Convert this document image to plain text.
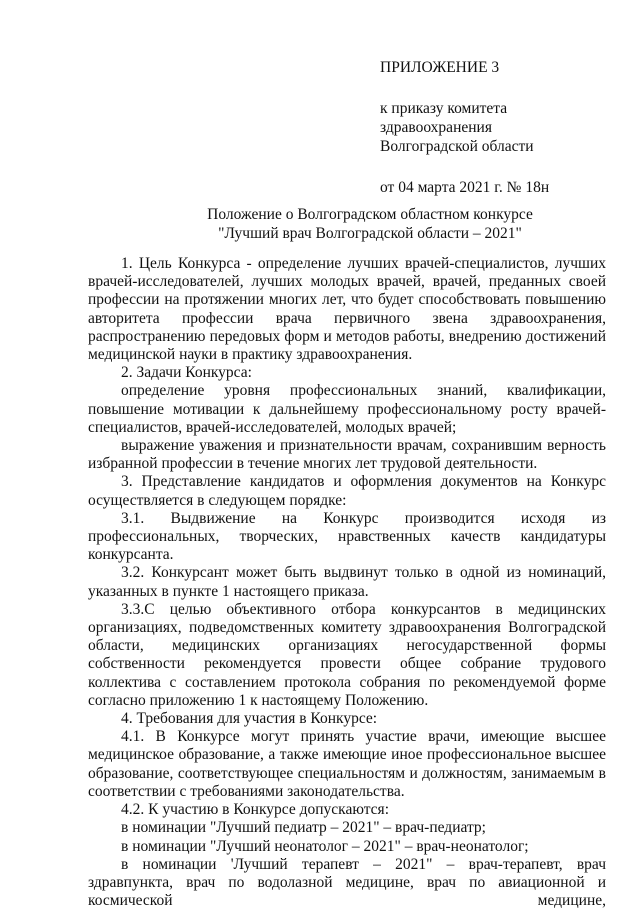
ПРИЛОЖЕНИЕ 3
к приказу комитета
здравоохранения
Волгоградской области
от 04 марта 2021 г. № 18н
Положение о Волгоградском областном конкурсе
"Лучший врач Волгоградской области – 2021"

1. Цель Конкурса - определение лучших врачей-специалистов, лучших врачей-исследователей, лучших молодых врачей, врачей, преданных своей профессии на протяжении многих лет, что будет способствовать повышению авторитета профессии врача первичного звена здравоохранения, распространению передовых форм и методов работы, внедрению достижений медицинской науки в практику здравоохранения.

2. Задачи Конкурса:

определение уровня профессиональных знаний, квалификации, повышение мотивации к дальнейшему профессиональному росту врачей-специалистов, врачей-исследователей, молодых врачей;

выражение уважения и признательности врачам, сохранившим верность избранной профессии в течение многих лет трудовой деятельности.

3. Представление кандидатов и оформления документов на Конкурс осуществляется в следующем порядке:

3.1. Выдвижение на Конкурс производится исходя из профессиональных, творческих, нравственных качеств кандидатуры конкурсанта.

3.2. Конкурсант может быть выдвинут только в одной из номинаций, указанных в пункте 1 настоящего приказа.

3.3.С целью объективного отбора конкурсантов в медицинских организациях, подведомственных комитету здравоохранения Волгоградской области, медицинских организациях негосударственной формы собственности рекомендуется провести общее собрание трудового коллектива с составлением протокола собрания по рекомендуемой форме согласно приложению 1 к настоящему Положению.

4. Требования для участия в Конкурсе:

4.1. В Конкурсе могут принять участие врачи, имеющие высшее медицинское образование, а также имеющие иное профессиональное высшее образование, соответствующее специальностям и должностям, занимаемым в соответствии с требованиями законодательства.

4.2. К участию в Конкурсе допускаются:

в номинации "Лучший педиатр – 2021" – врач-педиатр;

в номинации "Лучший неонатолог – 2021" – врач-неонатолог;

в номинации 'Лучший терапевт – 2021" – врач-терапевт, врач здравпункта, врач по водолазной медицине, врач по авиационной и космической медицине,
